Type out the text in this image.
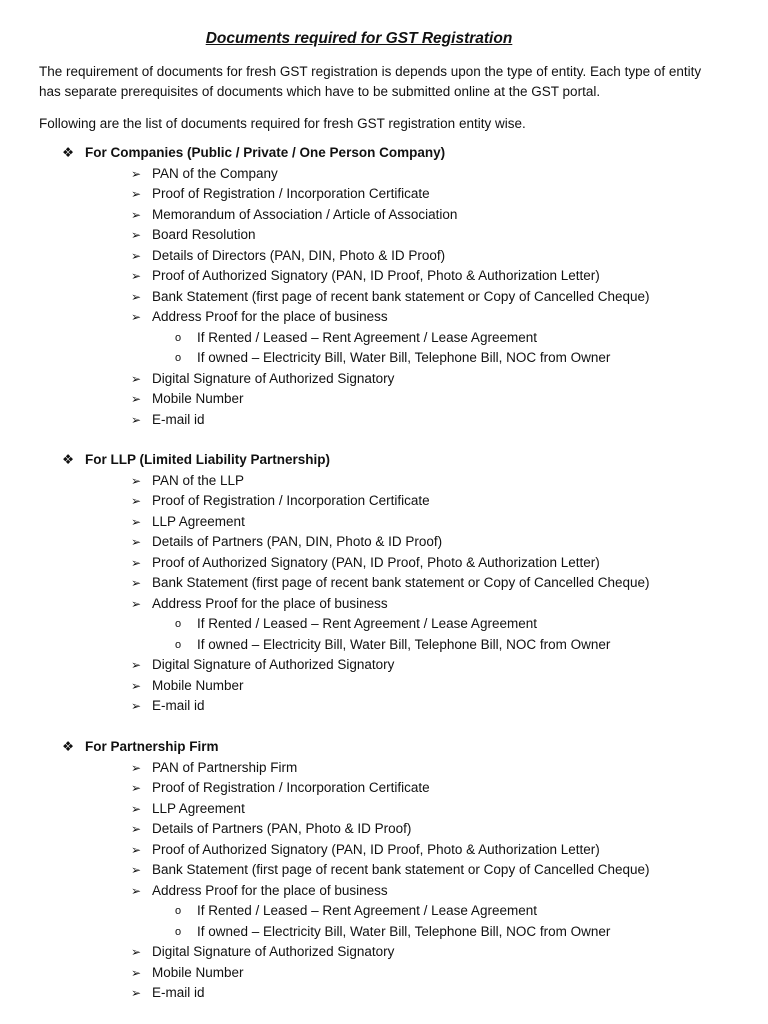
Documents required for GST Registration
The requirement of documents for fresh GST registration is depends upon the type of entity. Each type of entity has separate prerequisites of documents which have to be submitted online at the GST portal.
Following are the list of documents required for fresh GST registration entity wise.
❖ For Companies (Public / Private / One Person Company)
➢ PAN of the Company
➢ Proof of Registration / Incorporation Certificate
➢ Memorandum of Association / Article of Association
➢ Board Resolution
➢ Details of Directors (PAN, DIN, Photo & ID Proof)
➢ Proof of Authorized Signatory (PAN, ID Proof, Photo & Authorization Letter)
➢ Bank Statement (first page of recent bank statement or Copy of Cancelled Cheque)
➢ Address Proof for the place of business
o If Rented / Leased – Rent Agreement / Lease Agreement
o If owned – Electricity Bill, Water Bill, Telephone Bill, NOC from Owner
➢ Digital Signature of Authorized Signatory
➢ Mobile Number
➢ E-mail id
❖ For LLP (Limited Liability Partnership)
➢ PAN of the LLP
➢ Proof of Registration / Incorporation Certificate
➢ LLP Agreement
➢ Details of Partners (PAN, DIN, Photo & ID Proof)
➢ Proof of Authorized Signatory (PAN, ID Proof, Photo & Authorization Letter)
➢ Bank Statement (first page of recent bank statement or Copy of Cancelled Cheque)
➢ Address Proof for the place of business
o If Rented / Leased – Rent Agreement / Lease Agreement
o If owned – Electricity Bill, Water Bill, Telephone Bill, NOC from Owner
➢ Digital Signature of Authorized Signatory
➢ Mobile Number
➢ E-mail id
❖ For Partnership Firm
➢ PAN of Partnership Firm
➢ Proof of Registration / Incorporation Certificate
➢ LLP Agreement
➢ Details of Partners (PAN, Photo & ID Proof)
➢ Proof of Authorized Signatory (PAN, ID Proof, Photo & Authorization Letter)
➢ Bank Statement (first page of recent bank statement or Copy of Cancelled Cheque)
➢ Address Proof for the place of business
o If Rented / Leased – Rent Agreement / Lease Agreement
o If owned – Electricity Bill, Water Bill, Telephone Bill, NOC from Owner
➢ Digital Signature of Authorized Signatory
➢ Mobile Number
➢ E-mail id
